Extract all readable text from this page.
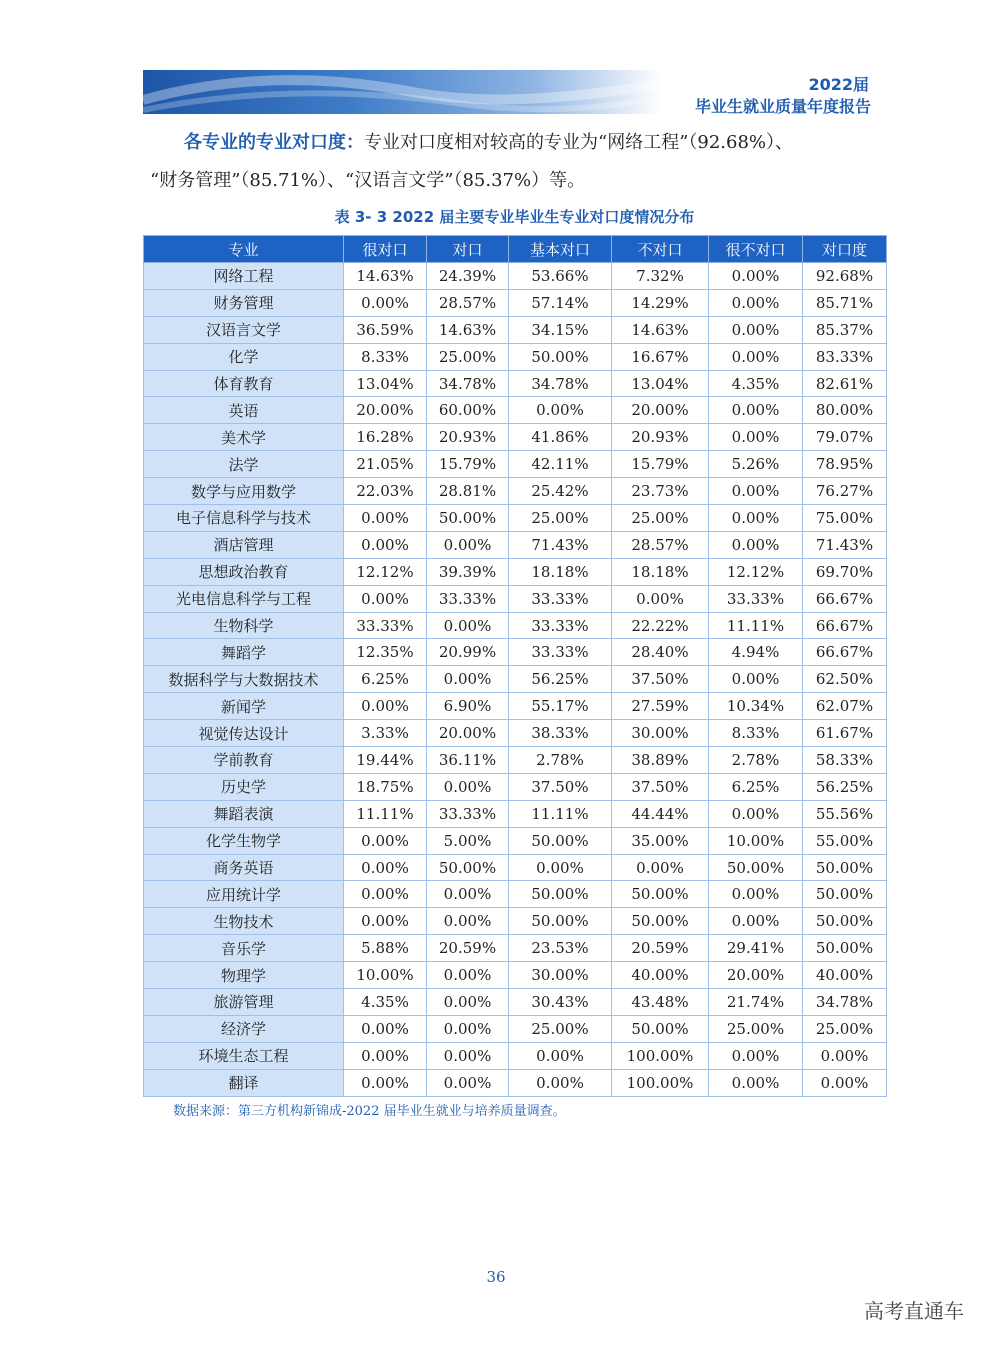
2022届
毕业生就业质量年度报告
各专业的专业对口度：专业对口度相对较高的专业为“网络工程”（92.68%）、
“财务管理”（85.71%）、“汉语言文学”（85.37%）等。
表 3- 3 2022 届主要专业毕业生专业对口度情况分布
专业	很对口	对口	基本对口	不对口	很不对口	对口度
网络工程	14.63%	24.39%	53.66%	7.32%	0.00%	92.68%
财务管理	0.00%	28.57%	57.14%	14.29%	0.00%	85.71%
汉语言文学	36.59%	14.63%	34.15%	14.63%	0.00%	85.37%
化学	8.33%	25.00%	50.00%	16.67%	0.00%	83.33%
体育教育	13.04%	34.78%	34.78%	13.04%	4.35%	82.61%
英语	20.00%	60.00%	0.00%	20.00%	0.00%	80.00%
美术学	16.28%	20.93%	41.86%	20.93%	0.00%	79.07%
法学	21.05%	15.79%	42.11%	15.79%	5.26%	78.95%
数学与应用数学	22.03%	28.81%	25.42%	23.73%	0.00%	76.27%
电子信息科学与技术	0.00%	50.00%	25.00%	25.00%	0.00%	75.00%
酒店管理	0.00%	0.00%	71.43%	28.57%	0.00%	71.43%
思想政治教育	12.12%	39.39%	18.18%	18.18%	12.12%	69.70%
光电信息科学与工程	0.00%	33.33%	33.33%	0.00%	33.33%	66.67%
生物科学	33.33%	0.00%	33.33%	22.22%	11.11%	66.67%
舞蹈学	12.35%	20.99%	33.33%	28.40%	4.94%	66.67%
数据科学与大数据技术	6.25%	0.00%	56.25%	37.50%	0.00%	62.50%
新闻学	0.00%	6.90%	55.17%	27.59%	10.34%	62.07%
视觉传达设计	3.33%	20.00%	38.33%	30.00%	8.33%	61.67%
学前教育	19.44%	36.11%	2.78%	38.89%	2.78%	58.33%
历史学	18.75%	0.00%	37.50%	37.50%	6.25%	56.25%
舞蹈表演	11.11%	33.33%	11.11%	44.44%	0.00%	55.56%
化学生物学	0.00%	5.00%	50.00%	35.00%	10.00%	55.00%
商务英语	0.00%	50.00%	0.00%	0.00%	50.00%	50.00%
应用统计学	0.00%	0.00%	50.00%	50.00%	0.00%	50.00%
生物技术	0.00%	0.00%	50.00%	50.00%	0.00%	50.00%
音乐学	5.88%	20.59%	23.53%	20.59%	29.41%	50.00%
物理学	10.00%	0.00%	30.00%	40.00%	20.00%	40.00%
旅游管理	4.35%	0.00%	30.43%	43.48%	21.74%	34.78%
经济学	0.00%	0.00%	25.00%	50.00%	25.00%	25.00%
环境生态工程	0.00%	0.00%	0.00%	100.00%	0.00%	0.00%
翻译	0.00%	0.00%	0.00%	100.00%	0.00%	0.00%
数据来源：第三方机构新锦成-2022 届毕业生就业与培养质量调查。
36
高考直通车
